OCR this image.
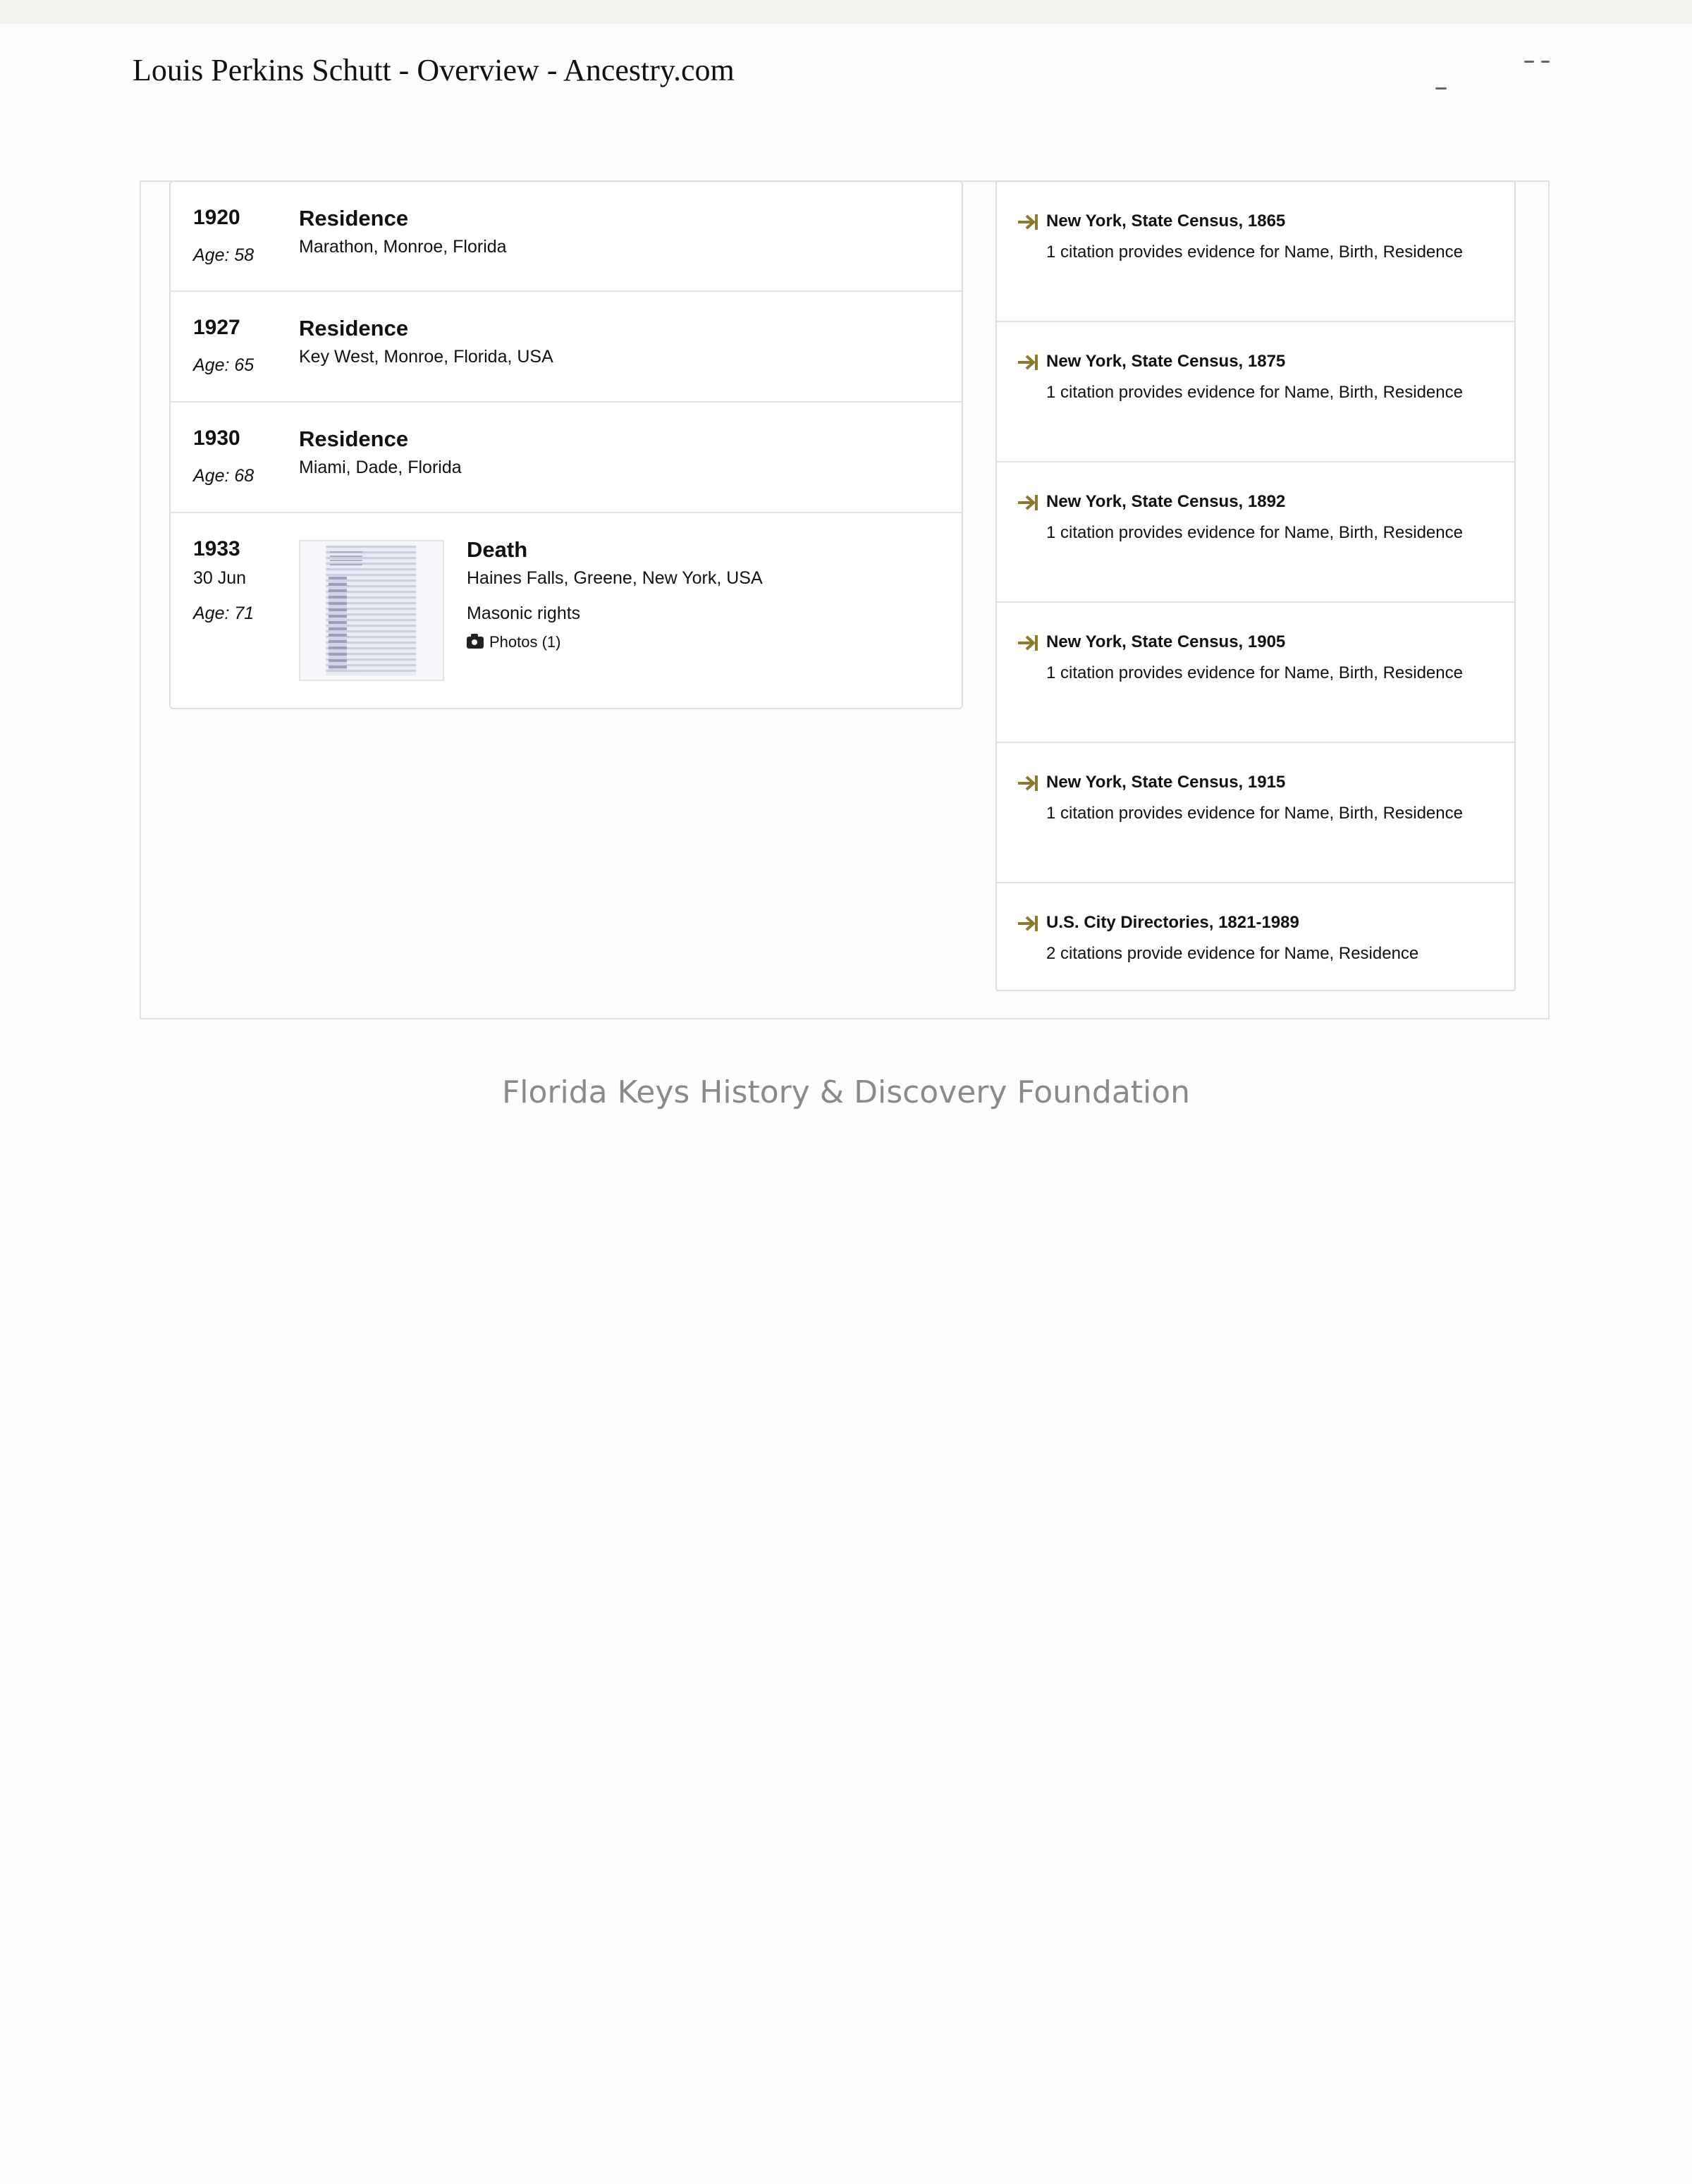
Louis Perkins Schutt - Overview - Ancestry.com
1920
Age: 58
Residence
Marathon, Monroe, Florida
1927
Age: 65
Residence
Key West, Monroe, Florida, USA
1930
Age: 68
Residence
Miami, Dade, Florida
1933
30 Jun
Age: 71
Death
Haines Falls, Greene, New York, USA
Masonic rights
Photos (1)
New York, State Census, 1865
1 citation provides evidence for Name, Birth, Residence
New York, State Census, 1875
1 citation provides evidence for Name, Birth, Residence
New York, State Census, 1892
1 citation provides evidence for Name, Birth, Residence
New York, State Census, 1905
1 citation provides evidence for Name, Birth, Residence
New York, State Census, 1915
1 citation provides evidence for Name, Birth, Residence
U.S. City Directories, 1821-1989
2 citations provide evidence for Name, Residence
Florida Keys History & Discovery Foundation
